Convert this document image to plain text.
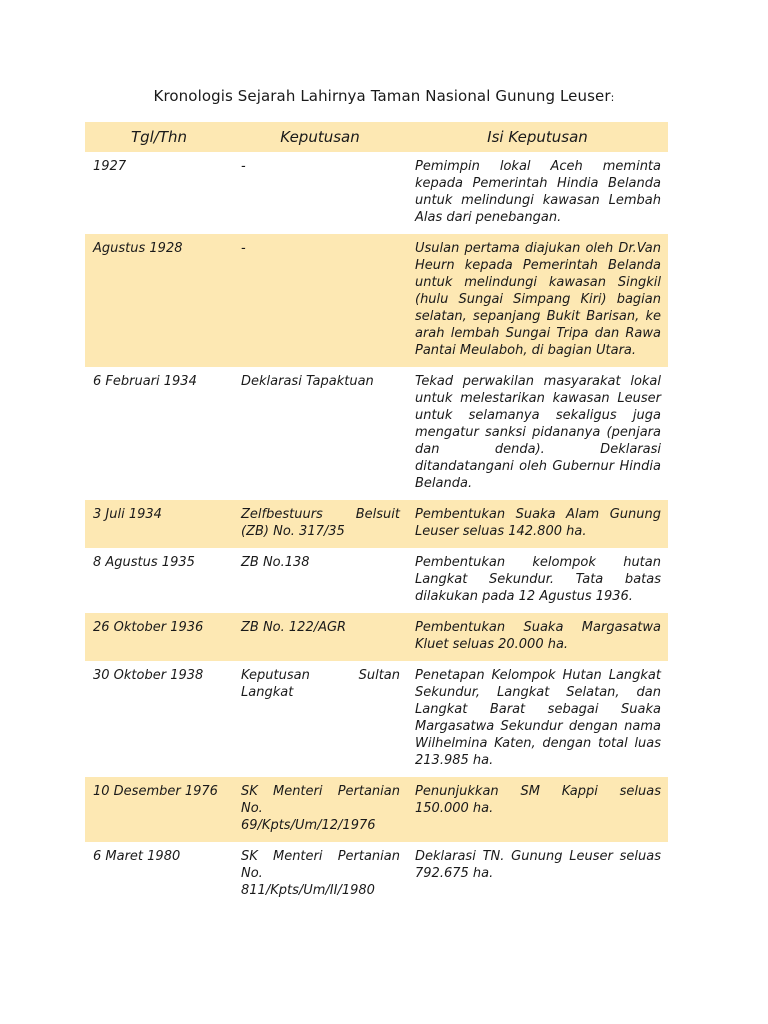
Kronologis Sejarah Lahirnya Taman Nasional Gunung Leuser:
Tgl/Thn	Keputusan	Isi Keputusan
1927	-	Pemimpin lokal Aceh meminta kepada Pemerintah Hindia Belanda untuk melindungi kawasan Lembah Alas dari penebangan.
Agustus 1928	-	Usulan pertama diajukan oleh Dr.Van Heurn kepada Pemerintah Belanda untuk melindungi kawasan Singkil (hulu Sungai Simpang Kiri) bagian selatan, sepanjang Bukit Barisan, ke arah lembah Sungai Tripa dan Rawa Pantai Meulaboh, di bagian Utara.
6 Februari 1934	Deklarasi Tapaktuan	Tekad perwakilan masyarakat lokal untuk melestarikan kawasan Leuser untuk selamanya sekaligus juga mengatur sanksi pidananya (penjara dan denda). Deklarasi ditandatangani oleh Gubernur Hindia Belanda.
3 Juli 1934	Zelfbestuurs Belsuit (ZB) No. 317/35	Pembentukan Suaka Alam Gunung Leuser seluas 142.800 ha.
8 Agustus 1935	ZB No.138	Pembentukan kelompok hutan Langkat Sekundur. Tata batas dilakukan pada 12 Agustus 1936.
26 Oktober 1936	ZB No. 122/AGR	Pembentukan Suaka Margasatwa Kluet seluas 20.000 ha.
30 Oktober 1938	Keputusan Sultan Langkat	Penetapan Kelompok Hutan Langkat Sekundur, Langkat Selatan, dan Langkat Barat sebagai Suaka Margasatwa Sekundur dengan nama Wilhelmina Katen, dengan total luas 213.985 ha.
10 Desember 1976	SK Menteri Pertanian No. 69/Kpts/Um/12/1976	Penunjukkan SM Kappi seluas 150.000 ha.
6 Maret 1980	SK Menteri Pertanian No. 811/Kpts/Um/II/1980	Deklarasi TN. Gunung Leuser seluas 792.675 ha.
